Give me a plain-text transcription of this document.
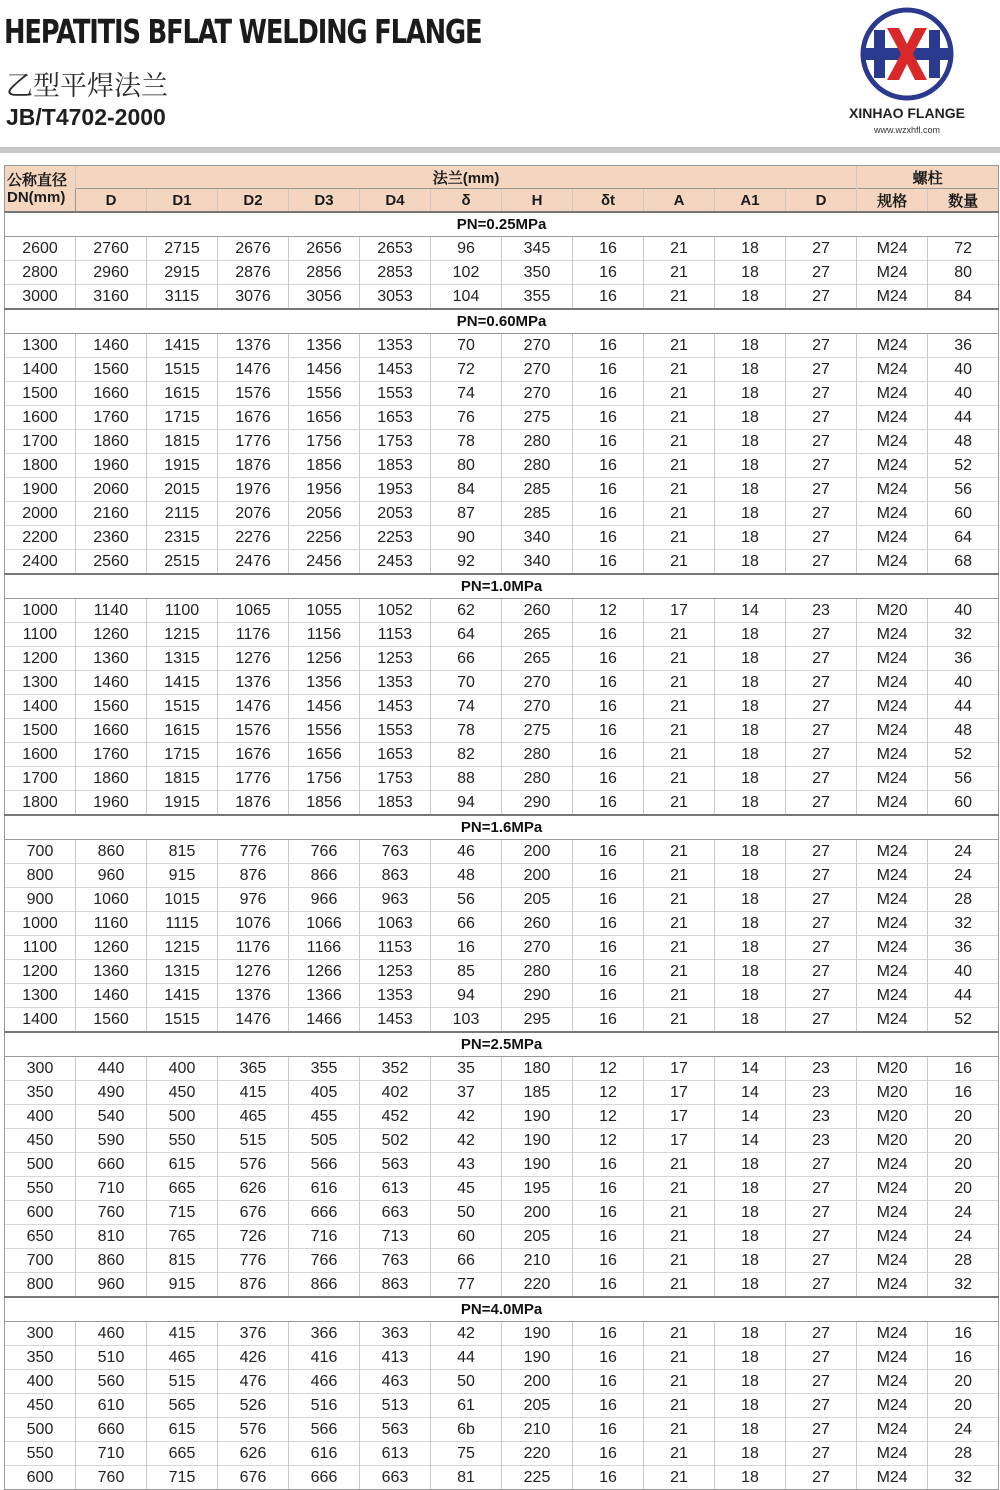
HEPATITIS BFLAT WELDING FLANGE
乙型平焊法兰
JB/T4702-2000	XINHAO FLANGE
www.wzxhfl.com
公称直径
DN(mm)	法兰(mm)											螺柱	
	D	D1	D2	D3	D4	δ	H	δt	A	A1	D	规格	数量
PN=0.25MPa													
2600	2760	2715	2676	2656	2653	96	345	16	21	18	27	M24	72
2800	2960	2915	2876	2856	2853	102	350	16	21	18	27	M24	80
3000	3160	3115	3076	3056	3053	104	355	16	21	18	27	M24	84
PN=0.60MPa													
1300	1460	1415	1376	1356	1353	70	270	16	21	18	27	M24	36
1400	1560	1515	1476	1456	1453	72	270	16	21	18	27	M24	40
1500	1660	1615	1576	1556	1553	74	270	16	21	18	27	M24	40
1600	1760	1715	1676	1656	1653	76	275	16	21	18	27	M24	44
1700	1860	1815	1776	1756	1753	78	280	16	21	18	27	M24	48
1800	1960	1915	1876	1856	1853	80	280	16	21	18	27	M24	52
1900	2060	2015	1976	1956	1953	84	285	16	21	18	27	M24	56
2000	2160	2115	2076	2056	2053	87	285	16	21	18	27	M24	60
2200	2360	2315	2276	2256	2253	90	340	16	21	18	27	M24	64
2400	2560	2515	2476	2456	2453	92	340	16	21	18	27	M24	68
PN=1.0MPa													
1000	1140	1100	1065	1055	1052	62	260	12	17	14	23	M20	40
1100	1260	1215	1176	1156	1153	64	265	16	21	18	27	M24	32
1200	1360	1315	1276	1256	1253	66	265	16	21	18	27	M24	36
1300	1460	1415	1376	1356	1353	70	270	16	21	18	27	M24	40
1400	1560	1515	1476	1456	1453	74	270	16	21	18	27	M24	44
1500	1660	1615	1576	1556	1553	78	275	16	21	18	27	M24	48
1600	1760	1715	1676	1656	1653	82	280	16	21	18	27	M24	52
1700	1860	1815	1776	1756	1753	88	280	16	21	18	27	M24	56
1800	1960	1915	1876	1856	1853	94	290	16	21	18	27	M24	60
PN=1.6MPa													
700	860	815	776	766	763	46	200	16	21	18	27	M24	24
800	960	915	876	866	863	48	200	16	21	18	27	M24	24
900	1060	1015	976	966	963	56	205	16	21	18	27	M24	28
1000	1160	1115	1076	1066	1063	66	260	16	21	18	27	M24	32
1100	1260	1215	1176	1166	1153	16	270	16	21	18	27	M24	36
1200	1360	1315	1276	1266	1253	85	280	16	21	18	27	M24	40
1300	1460	1415	1376	1366	1353	94	290	16	21	18	27	M24	44
1400	1560	1515	1476	1466	1453	103	295	16	21	18	27	M24	52
PN=2.5MPa													
300	440	400	365	355	352	35	180	12	17	14	23	M20	16
350	490	450	415	405	402	37	185	12	17	14	23	M20	16
400	540	500	465	455	452	42	190	12	17	14	23	M20	20
450	590	550	515	505	502	42	190	12	17	14	23	M20	20
500	660	615	576	566	563	43	190	16	21	18	27	M24	20
550	710	665	626	616	613	45	195	16	21	18	27	M24	20
600	760	715	676	666	663	50	200	16	21	18	27	M24	24
650	810	765	726	716	713	60	205	16	21	18	27	M24	24
700	860	815	776	766	763	66	210	16	21	18	27	M24	28
800	960	915	876	866	863	77	220	16	21	18	27	M24	32
PN=4.0MPa													
300	460	415	376	366	363	42	190	16	21	18	27	M24	16
350	510	465	426	416	413	44	190	16	21	18	27	M24	16
400	560	515	476	466	463	50	200	16	21	18	27	M24	20
450	610	565	526	516	513	61	205	16	21	18	27	M24	20
500	660	615	576	566	563	6b	210	16	21	18	27	M24	24
550	710	665	626	616	613	75	220	16	21	18	27	M24	28
600	760	715	676	666	663	81	225	16	21	18	27	M24	32
